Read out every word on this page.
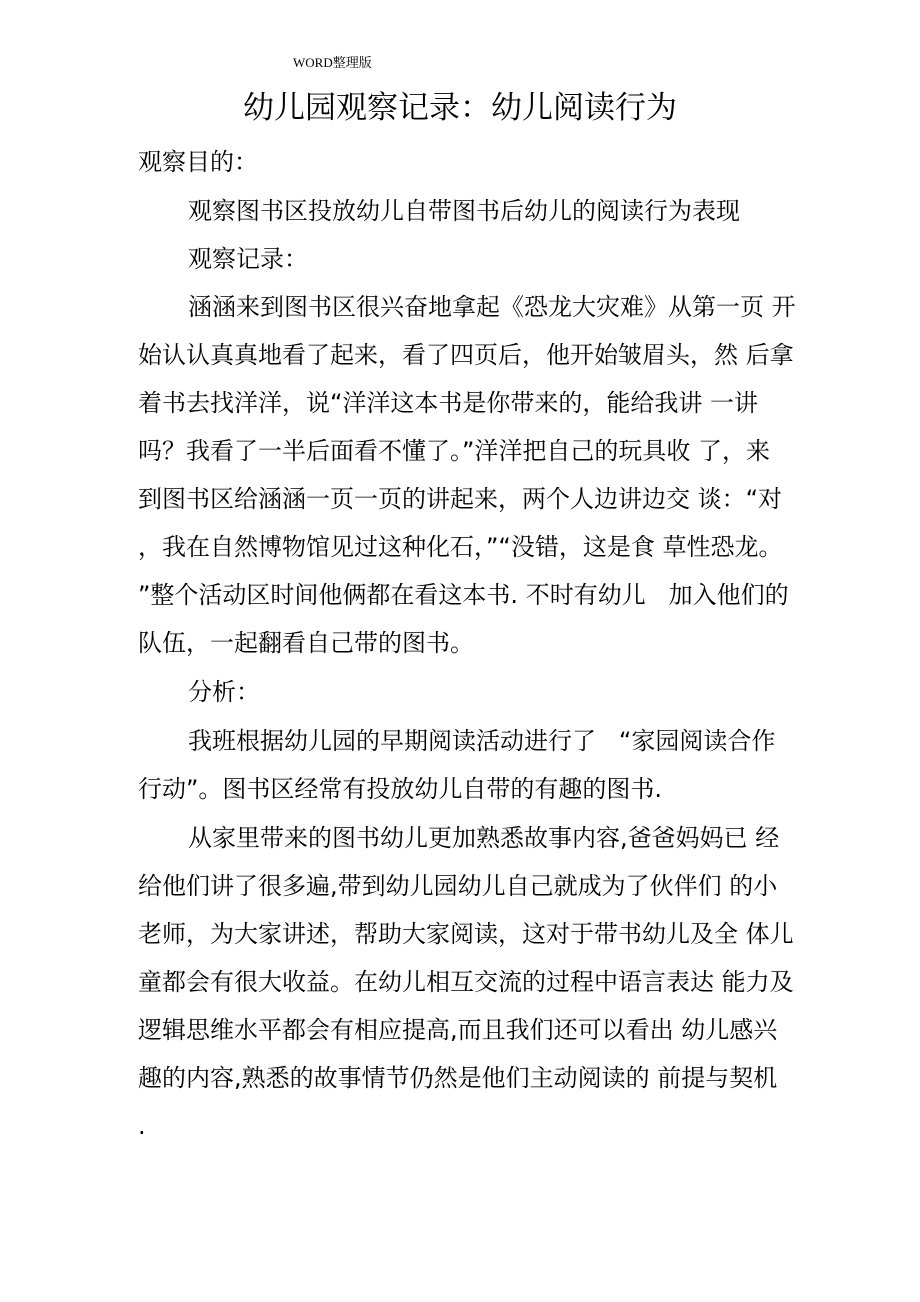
WORD整理版
幼儿园观察记录：幼儿阅读行为
观察目的：
观察图书区投放幼儿自带图书后幼儿的阅读行为表现
观察记录：
涵涵来到图书区很兴奋地拿起《恐龙大灾难》从第一页 开
始认认真真地看了起来，看了四页后，他开始皱眉头，然 后拿
着书去找洋洋，说“洋洋这本书是你带来的，能给我讲 一讲
吗？我看了一半后面看不懂了。”洋洋把自己的玩具收 了，来
到图书区给涵涵一页一页的讲起来，两个人边讲边交 谈：“对
，我在自然博物馆见过这种化石，”“没错，这是食 草性恐龙。
”整个活动区时间他俩都在看这本书. 不时有幼儿   加入他们的
队伍，一起翻看自己带的图书。
分析：
我班根据幼儿园的早期阅读活动进行了   “家园阅读合作
行动”。图书区经常有投放幼儿自带的有趣的图书.
从家里带来的图书幼儿更加熟悉故事内容,爸爸妈妈已 经
给他们讲了很多遍,带到幼儿园幼儿自己就成为了伙伴们 的小
老师，为大家讲述，帮助大家阅读，这对于带书幼儿及全 体儿
童都会有很大收益。在幼儿相互交流的过程中语言表达 能力及
逻辑思维水平都会有相应提高,而且我们还可以看出 幼儿感兴
趣的内容,熟悉的故事情节仍然是他们主动阅读的 前提与契机
.
